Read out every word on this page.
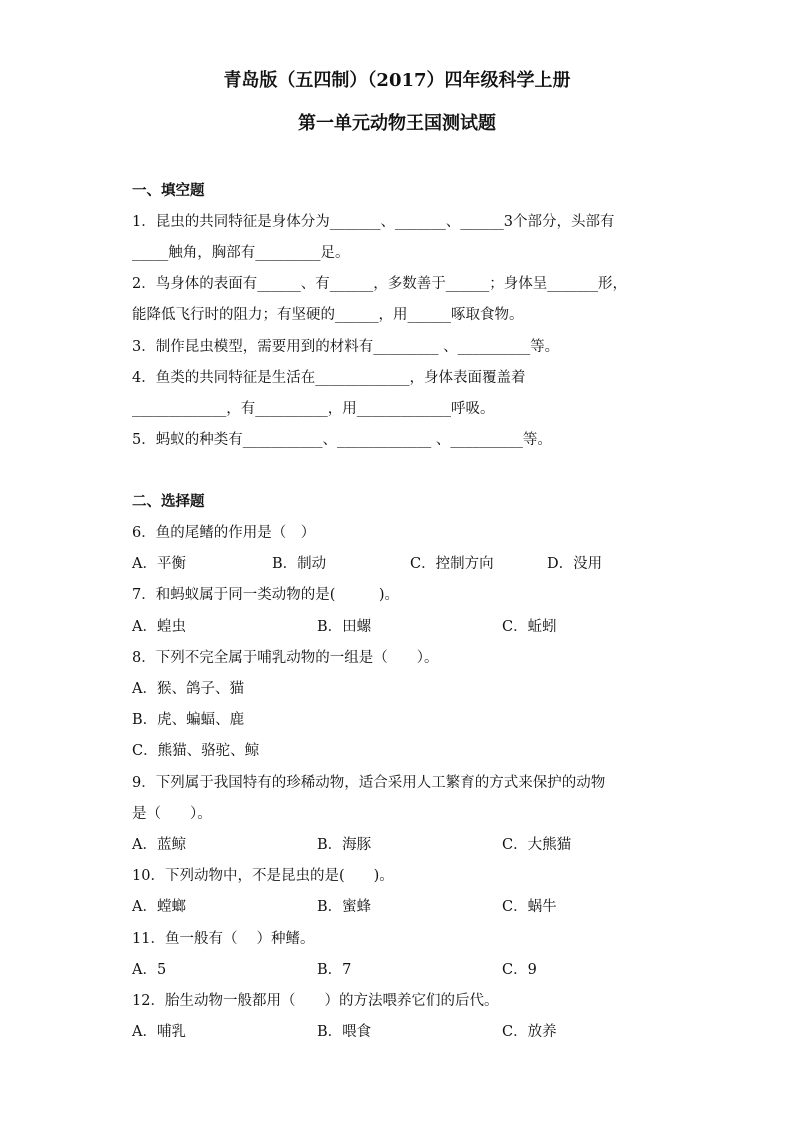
青岛版（五四制）（2017）四年级科学上册
第一单元动物王国测试题
一、填空题
1．昆虫的共同特征是身体分为_______、_______、______3个部分，头部有
_____触角，胸部有_________足。
2．鸟身体的表面有______、有______，多数善于______；身体呈_______形，
能降低飞行时的阻力；有坚硬的______，用______啄取食物。
3．制作昆虫模型，需要用到的材料有_________ 、__________等。
4．鱼类的共同特征是生活在_____________，身体表面覆盖着
_____________，有__________，用_____________呼吸。
5．蚂蚁的种类有___________、_____________ 、__________等。
二、选择题
6．鱼的尾鳍的作用是（　）
A．平衡	B．制动	C．控制方向	D．没用
7．和蚂蚁属于同一类动物的是(　　　)。
A．蝗虫	B．田螺	C．蚯蚓
8．下列不完全属于哺乳动物的一组是（　　）。
A．猴、鸽子、猫
B．虎、蝙蝠、鹿
C．熊猫、骆驼、鲸
9．下列属于我国特有的珍稀动物，适合采用人工繁育的方式来保护的动物
是（　　）。
A．蓝鲸	B．海豚	C．大熊猫
10．下列动物中，不是昆虫的是(　　)。
A．螳螂	B．蜜蜂	C．蜗牛
11．鱼一般有（　 ）种鳍。
A．5	B．7	C．9
12．胎生动物一般都用（　　）的方法喂养它们的后代。
A．哺乳	B．喂食	C．放养
